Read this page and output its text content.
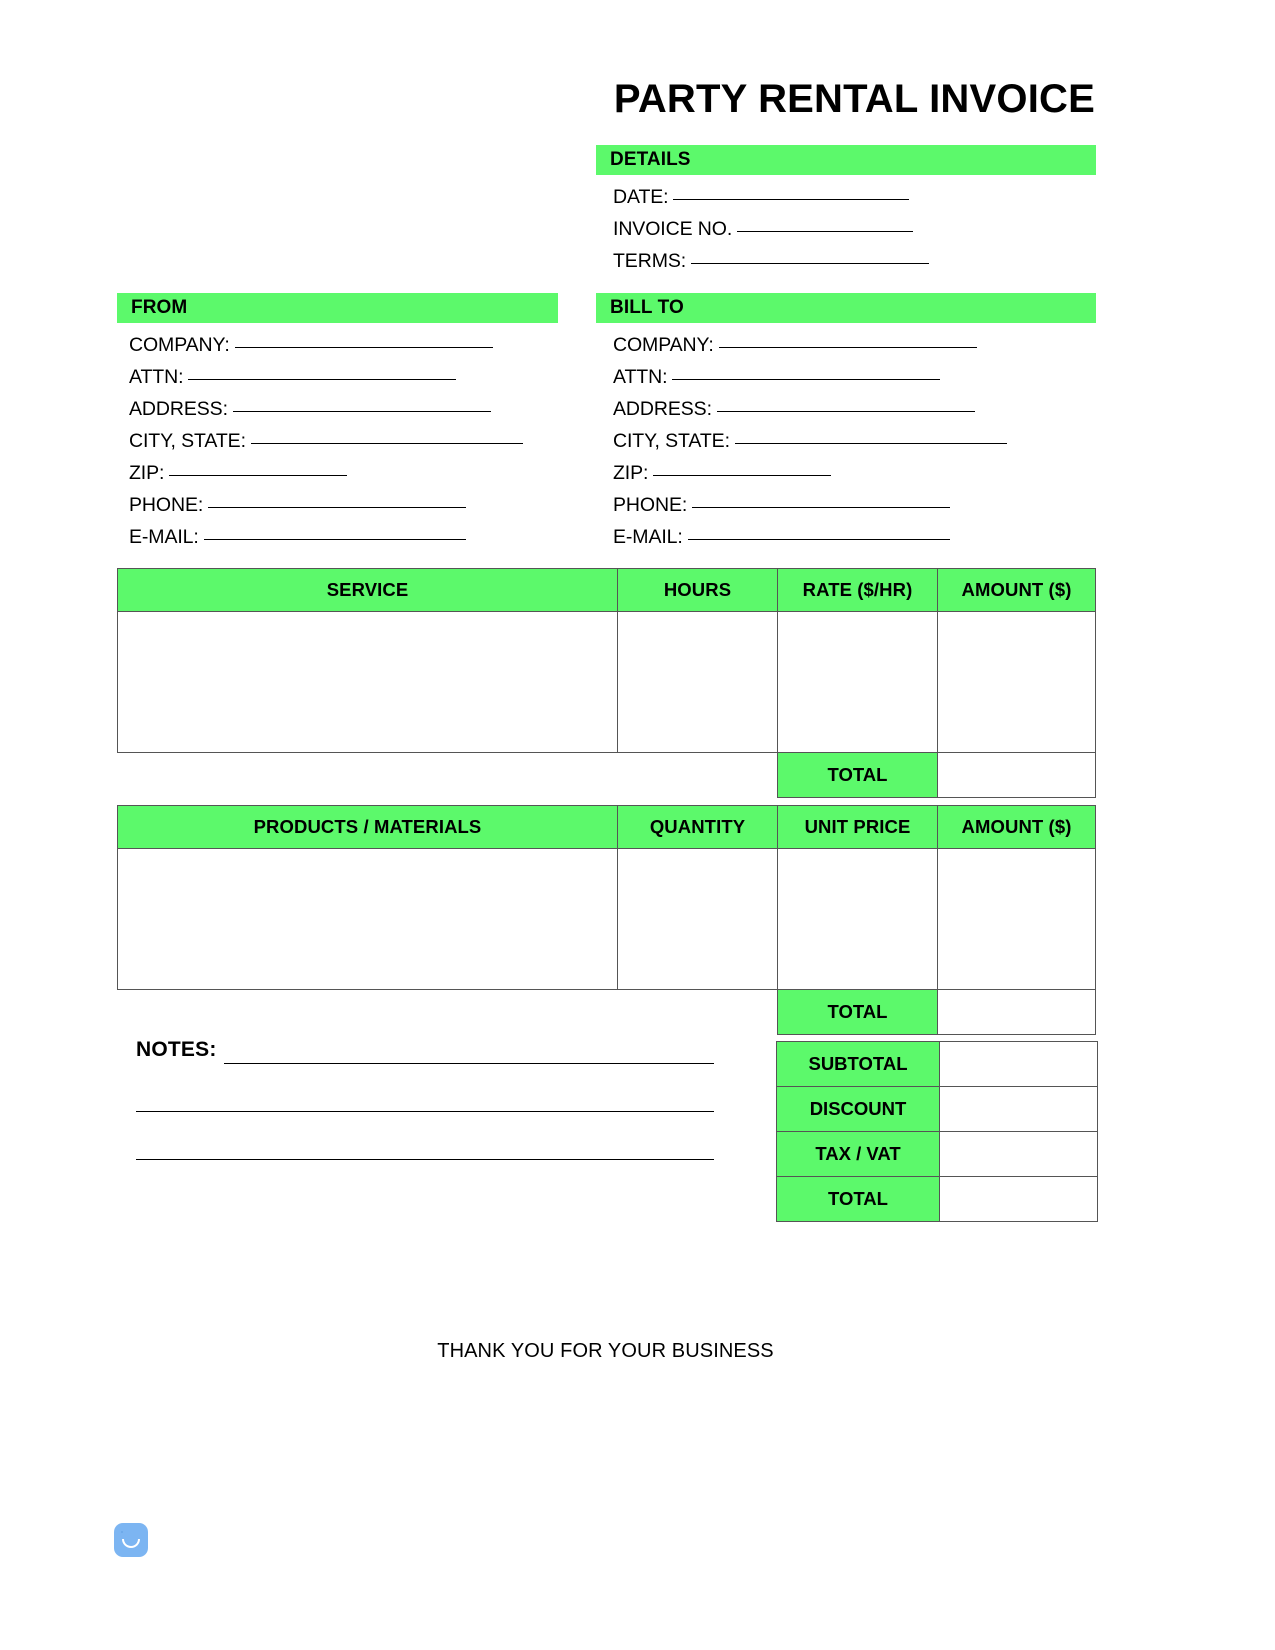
PARTY RENTAL INVOICE
DETAILS
DATE:
INVOICE NO.
TERMS:
FROM
COMPANY:
ATTN:
ADDRESS:
CITY, STATE:
ZIP:
PHONE:
E-MAIL:
BILL TO
COMPANY:
ATTN:
ADDRESS:
CITY, STATE:
ZIP:
PHONE:
E-MAIL:
SERVICE	HOURS	RATE ($/HR)	AMOUNT ($)

		TOTAL	
PRODUCTS / MATERIALS	QUANTITY	UNIT PRICE	AMOUNT ($)

		TOTAL	
NOTES:
SUBTOTAL	
DISCOUNT	
TAX / VAT	
TOTAL	
THANK YOU FOR YOUR BUSINESS
